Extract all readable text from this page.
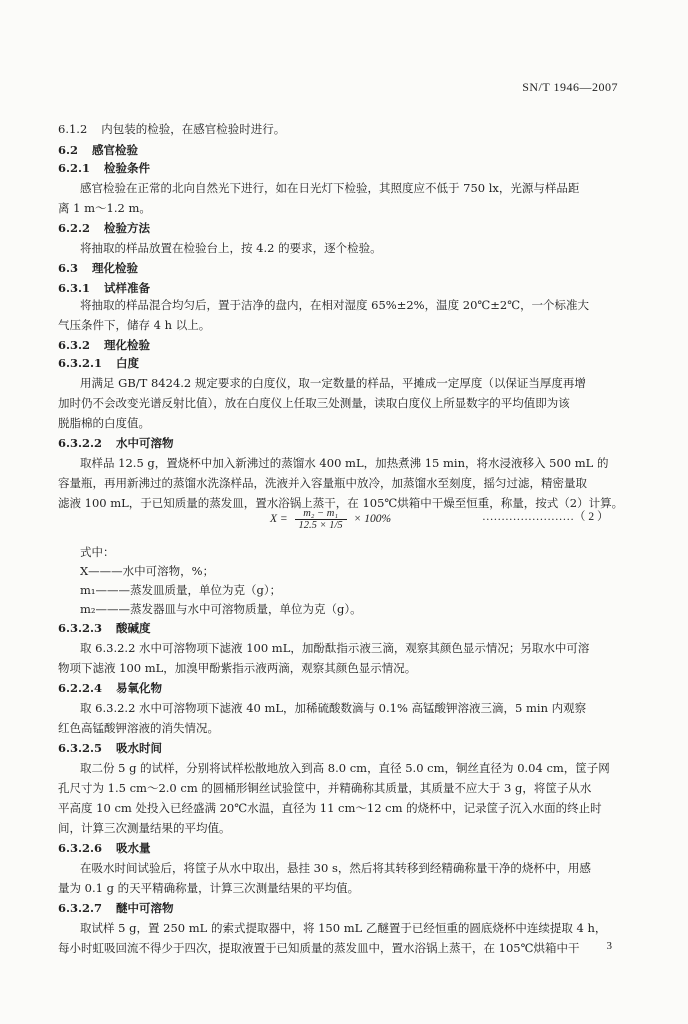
SN/T 1946—2007
6.1.2 内包装的检验，在感官检验时进行。
6.2 感官检验
6.2.1 检验条件
感官检验在正常的北向自然光下进行，如在日光灯下检验，其照度应不低于 750 lx，光源与样品距
离 1 m～1.2 m。
6.2.2 检验方法
将抽取的样品放置在检验台上，按 4.2 的要求，逐个检验。
6.3 理化检验
6.3.1 试样准备
将抽取的样品混合均匀后，置于洁净的盘内，在相对湿度 65%±2%，温度 20℃±2℃，一个标准大
气压条件下，储存 4 h 以上。
6.3.2 理化检验
6.3.2.1 白度
用满足 GB/T 8424.2 规定要求的白度仪，取一定数量的样品，平摊成一定厚度（以保证当厚度再增
加时仍不会改变光谱反射比值），放在白度仪上任取三处测量，读取白度仪上所显数字的平均值即为该
脱脂棉的白度值。
6.3.2.2 水中可溶物
取样品 12.5 g，置烧杯中加入新沸过的蒸馏水 400 mL，加热煮沸 15 min，将水浸液移入 500 mL 的
容量瓶，再用新沸过的蒸馏水洗涤样品，洗液并入容量瓶中放冷，加蒸馏水至刻度，摇匀过滤，精密量取
滤液 100 mL，于已知质量的蒸发皿，置水浴锅上蒸干，在 105℃烘箱中干燥至恒重，称量，按式（2）计算。
式中：
X———水中可溶物，%；
m₁———蒸发皿质量，单位为克（g）；
m₂———蒸发器皿与水中可溶物质量，单位为克（g）。
6.3.2.3 酸碱度
取 6.3.2.2 水中可溶物项下滤液 100 mL，加酚酞指示液三滴，观察其颜色显示情况；另取水中可溶
物项下滤液 100 mL，加溴甲酚紫指示液两滴，观察其颜色显示情况。
6.2.2.4 易氧化物
取 6.3.2.2 水中可溶物项下滤液 40 mL，加稀硫酸数滴与 0.1% 高锰酸钾溶液三滴，5 min 内观察
红色高锰酸钾溶液的消失情况。
6.3.2.5 吸水时间
取二份 5 g 的试样，分别将试样松散地放入到高 8.0 cm，直径 5.0 cm，铜丝直径为 0.04 cm，筐子网
孔尺寸为 1.5 cm～2.0 cm 的圆桶形铜丝试验筐中，并精确称其质量，其质量不应大于 3 g，将筐子从水
平高度 10 cm 处投入已经盛满 20℃水温，直径为 11 cm～12 cm 的烧杯中，记录筐子沉入水面的终止时
间，计算三次测量结果的平均值。
6.3.2.6 吸水量
在吸水时间试验后，将筐子从水中取出，悬挂 30 s，然后将其转移到经精确称量干净的烧杯中，用感
量为 0.1 g 的天平精确称量，计算三次测量结果的平均值。
6.3.2.7 醚中可溶物
取试样 5 g，置 250 mL 的索式提取器中，将 150 mL 乙醚置于已经恒重的圆底烧杯中连续提取 4 h，
每小时虹吸回流不得少于四次，提取液置于已知质量的蒸发皿中，置水浴锅上蒸干，在 105℃烘箱中干
$X = \frac{\text{m₂ − m₁}}{12.5 \times 1/5} \times 100\%$	……………………（ 2 ）
3
